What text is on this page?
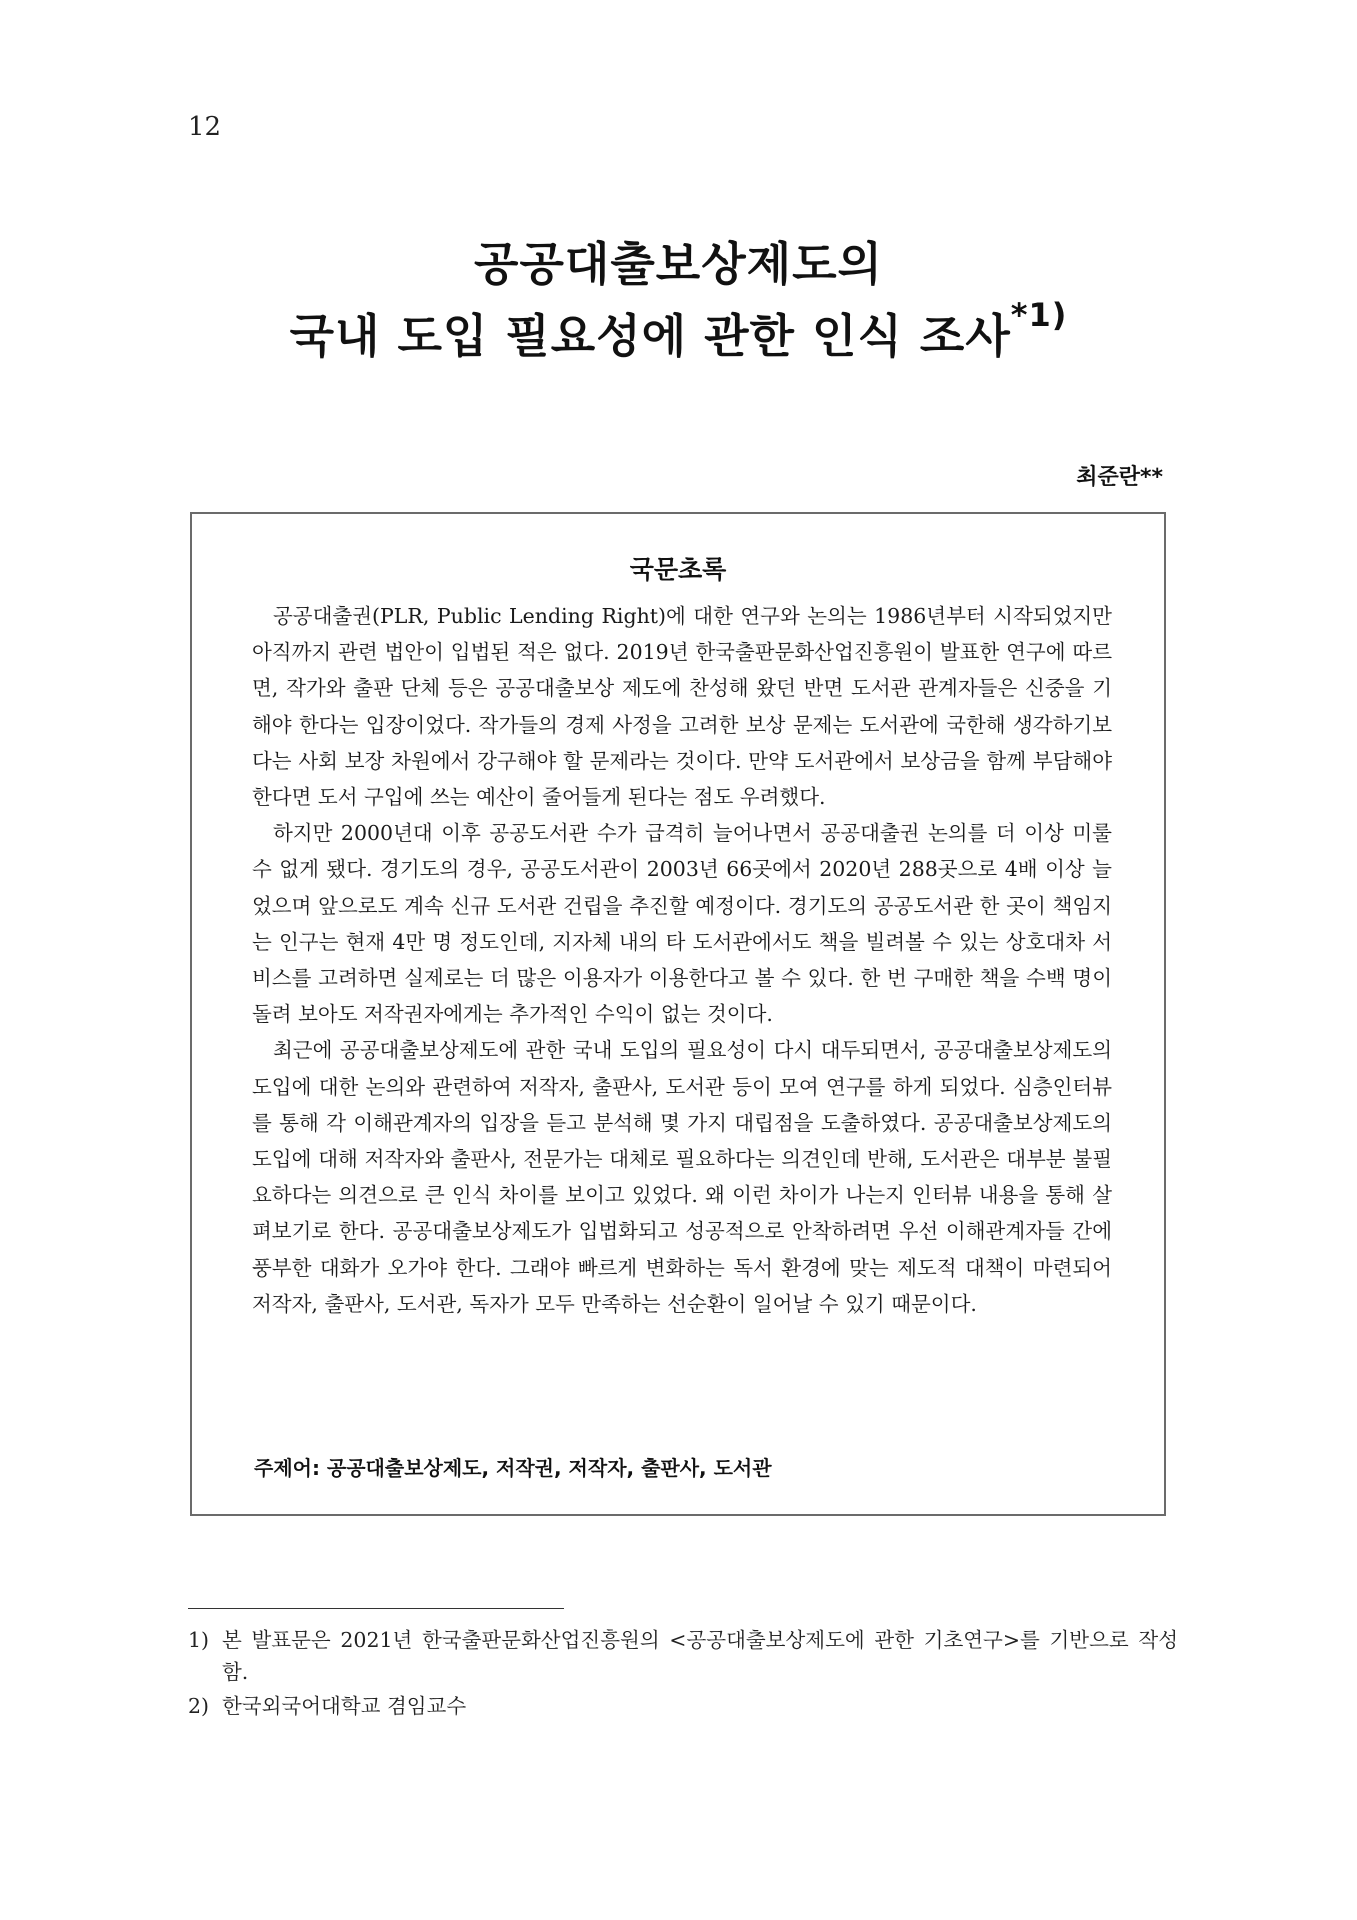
12
공공대출보상제도의
국내 도입 필요성에 관한 인식 조사$^{*1)}$
최준란**
국문초록

공공대출권(PLR, Public Lending Right)에 대한 연구와 논의는 1986년부터 시작되었지만 아직까지 관련 법안이 입법된 적은 없다. 2019년 한국출판문화산업진흥원이 발표한 연구에 따르면, 작가와 출판 단체 등은 공공대출보상 제도에 찬성해 왔던 반면 도서관 관계자들은 신중을 기해야 한다는 입장이었다. 작가들의 경제 사정을 고려한 보상 문제는 도서관에 국한해 생각하기보다는 사회 보장 차원에서 강구해야 할 문제라는 것이다. 만약 도서관에서 보상금을 함께 부담해야 한다면 도서 구입에 쓰는 예산이 줄어들게 된다는 점도 우려했다.

하지만 2000년대 이후 공공도서관 수가 급격히 늘어나면서 공공대출권 논의를 더 이상 미룰 수 없게 됐다. 경기도의 경우, 공공도서관이 2003년 66곳에서 2020년 288곳으로 4배 이상 늘었으며 앞으로도 계속 신규 도서관 건립을 추진할 예정이다. 경기도의 공공도서관 한 곳이 책임지는 인구는 현재 4만 명 정도인데, 지자체 내의 타 도서관에서도 책을 빌려볼 수 있는 상호대차 서비스를 고려하면 실제로는 더 많은 이용자가 이용한다고 볼 수 있다. 한 번 구매한 책을 수백 명이 돌려 보아도 저작권자에게는 추가적인 수익이 없는 것이다.

최근에 공공대출보상제도에 관한 국내 도입의 필요성이 다시 대두되면서, 공공대출보상제도의 도입에 대한 논의와 관련하여 저작자, 출판사, 도서관 등이 모여 연구를 하게 되었다. 심층인터뷰를 통해 각 이해관계자의 입장을 듣고 분석해 몇 가지 대립점을 도출하였다. 공공대출보상제도의 도입에 대해 저작자와 출판사, 전문가는 대체로 필요하다는 의견인데 반해, 도서관은 대부분 불필요하다는 의견으로 큰 인식 차이를 보이고 있었다. 왜 이런 차이가 나는지 인터뷰 내용을 통해 살펴보기로 한다. 공공대출보상제도가 입법화되고 성공적으로 안착하려면 우선 이해관계자들 간에 풍부한 대화가 오가야 한다. 그래야 빠르게 변화하는 독서 환경에 맞는 제도적 대책이 마련되어 저작자, 출판사, 도서관, 독자가 모두 만족하는 선순환이 일어날 수 있기 때문이다.

주제어: 공공대출보상제도, 저작권, 저작자, 출판사, 도서관
1) 본 발표문은 2021년 한국출판문화산업진흥원의 <공공대출보상제도에 관한 기초연구>를 기반으로 작성함.
2) 한국외국어대학교 겸임교수
